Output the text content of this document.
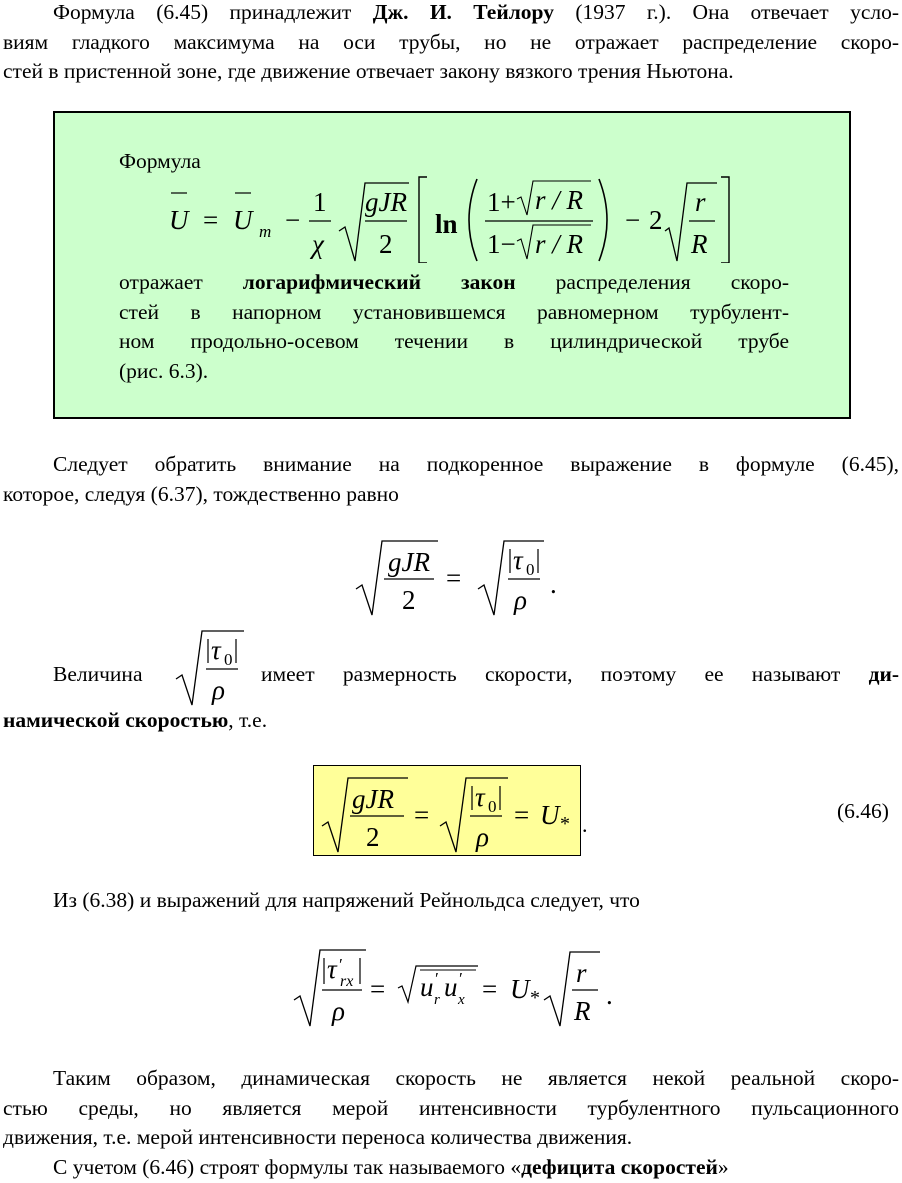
Формула (6.45) принадлежит Дж. И. Тейлору (1937 г.). Она отвечает усло-
виям гладкого максимума на оси трубы, но не отражает распределение скоро-
стей в пристенной зоне, где движение отвечает закону вязкого трения Ньютона.
Формула
U = U m −
1
χ
gJR
2
ln
1+ r / R
1− r / R
− 2
r
R
отражает логарифмический закон распределения скоро-
стей в напорном установившемся равномерном турбулент-
ном продольно-осевом течении в цилиндрической трубе
(рис. 6.3).
Следует обратить внимание на подкоренное выражение в формуле (6.45),
которое, следуя (6.37), тождественно равно
gJR
2
=
τ 0
ρ
.
Величина	имеет размерность скорости, поэтому ее называют ди-
намической скоростью, т.е.
τ 0
ρ
gJR
2
=
τ 0
ρ
= U * .
(6.46)
Из (6.38) и выражений для напряжений Рейнольдса следует, что
τ ′
rx
ρ
= u ′
r u ′
x = U *
r
R
.
Таким образом, динамическая скорость не является некой реальной скоро-
стью среды, но является мерой интенсивности турбулентного пульсационного
движения, т.е. мерой интенсивности переноса количества движения.
С учетом (6.46) строят формулы так называемого «дефицита скоростей»
